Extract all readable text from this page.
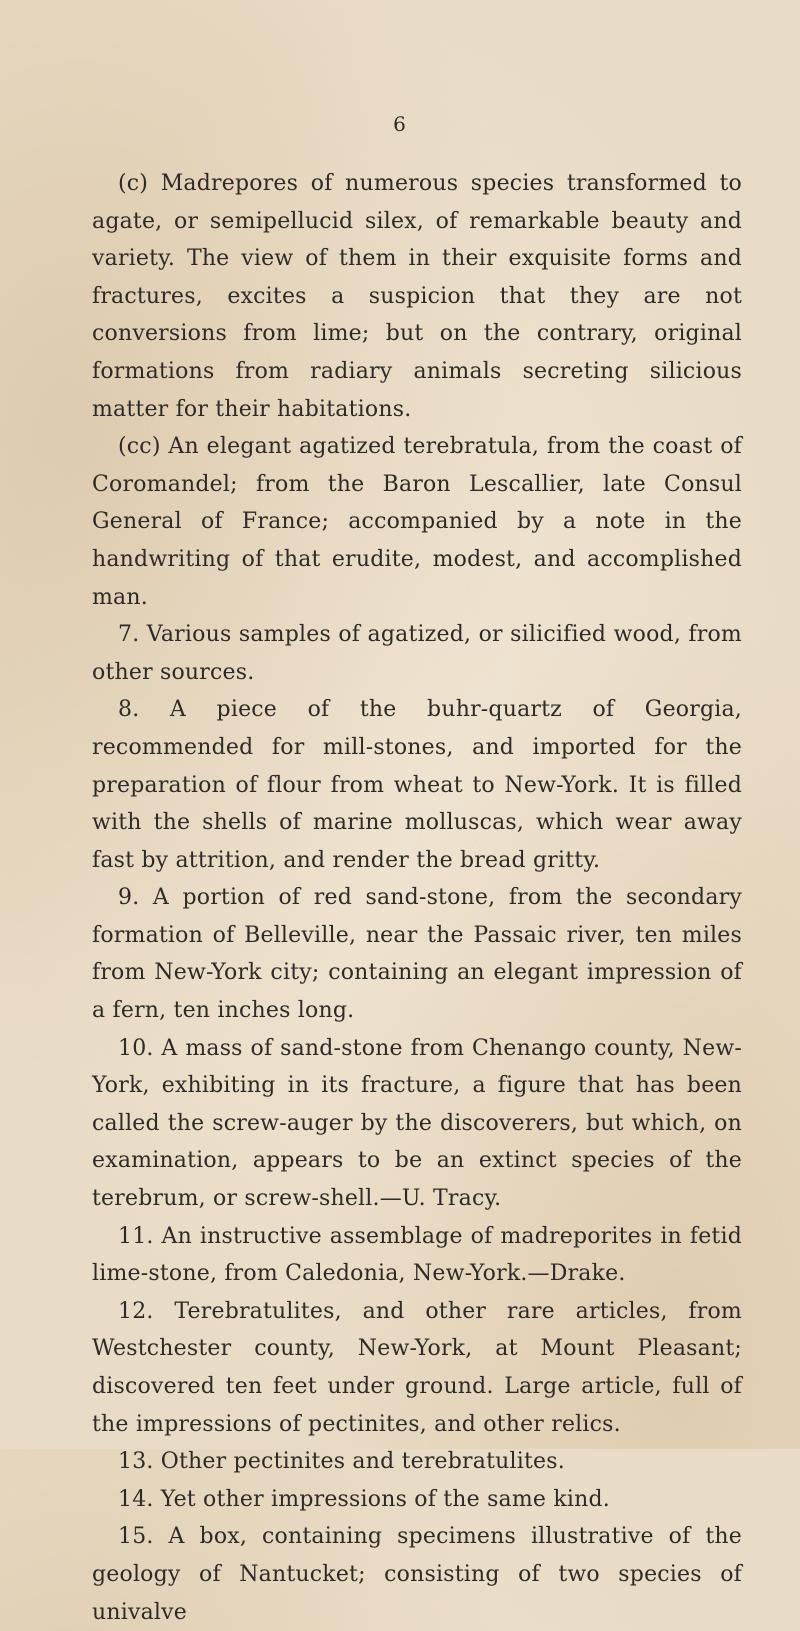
6

(c) Madrepores of numerous species transformed to agate, or semipellucid silex, of remarkable beauty and variety. The view of them in their exquisite forms and fractures, excites a suspicion that they are not conversions from lime; but on the contrary, original formations from radiary animals secreting silicious matter for their habitations.

(cc) An elegant agatized terebratula, from the coast of Coromandel; from the Baron Lescallier, late Consul General of France; accompanied by a note in the handwriting of that erudite, modest, and accomplished man.

7. Various samples of agatized, or silicified wood, from other sources.

8. A piece of the buhr-quartz of Georgia, recommended for mill-stones, and imported for the preparation of flour from wheat to New-York. It is filled with the shells of marine molluscas, which wear away fast by attrition, and render the bread gritty.

9. A portion of red sand-stone, from the secondary formation of Belleville, near the Passaic river, ten miles from New-York city; containing an elegant impression of a fern, ten inches long.

10. A mass of sand-stone from Chenango county, New-York, exhibiting in its fracture, a figure that has been called the screw-auger by the discoverers, but which, on examination, appears to be an extinct species of the terebrum, or screw-shell.—U. Tracy.

11. An instructive assemblage of madreporites in fetid lime-stone, from Caledonia, New-York.—Drake.

12. Terebratulites, and other rare articles, from Westchester county, New-York, at Mount Pleasant; discovered ten feet under ground. Large article, full of the impressions of pectinites, and other relics.

13. Other pectinites and terebratulites.

14. Yet other impressions of the same kind.

15. A box, containing specimens illustrative of the geology of Nantucket; consisting of two species of univalve
